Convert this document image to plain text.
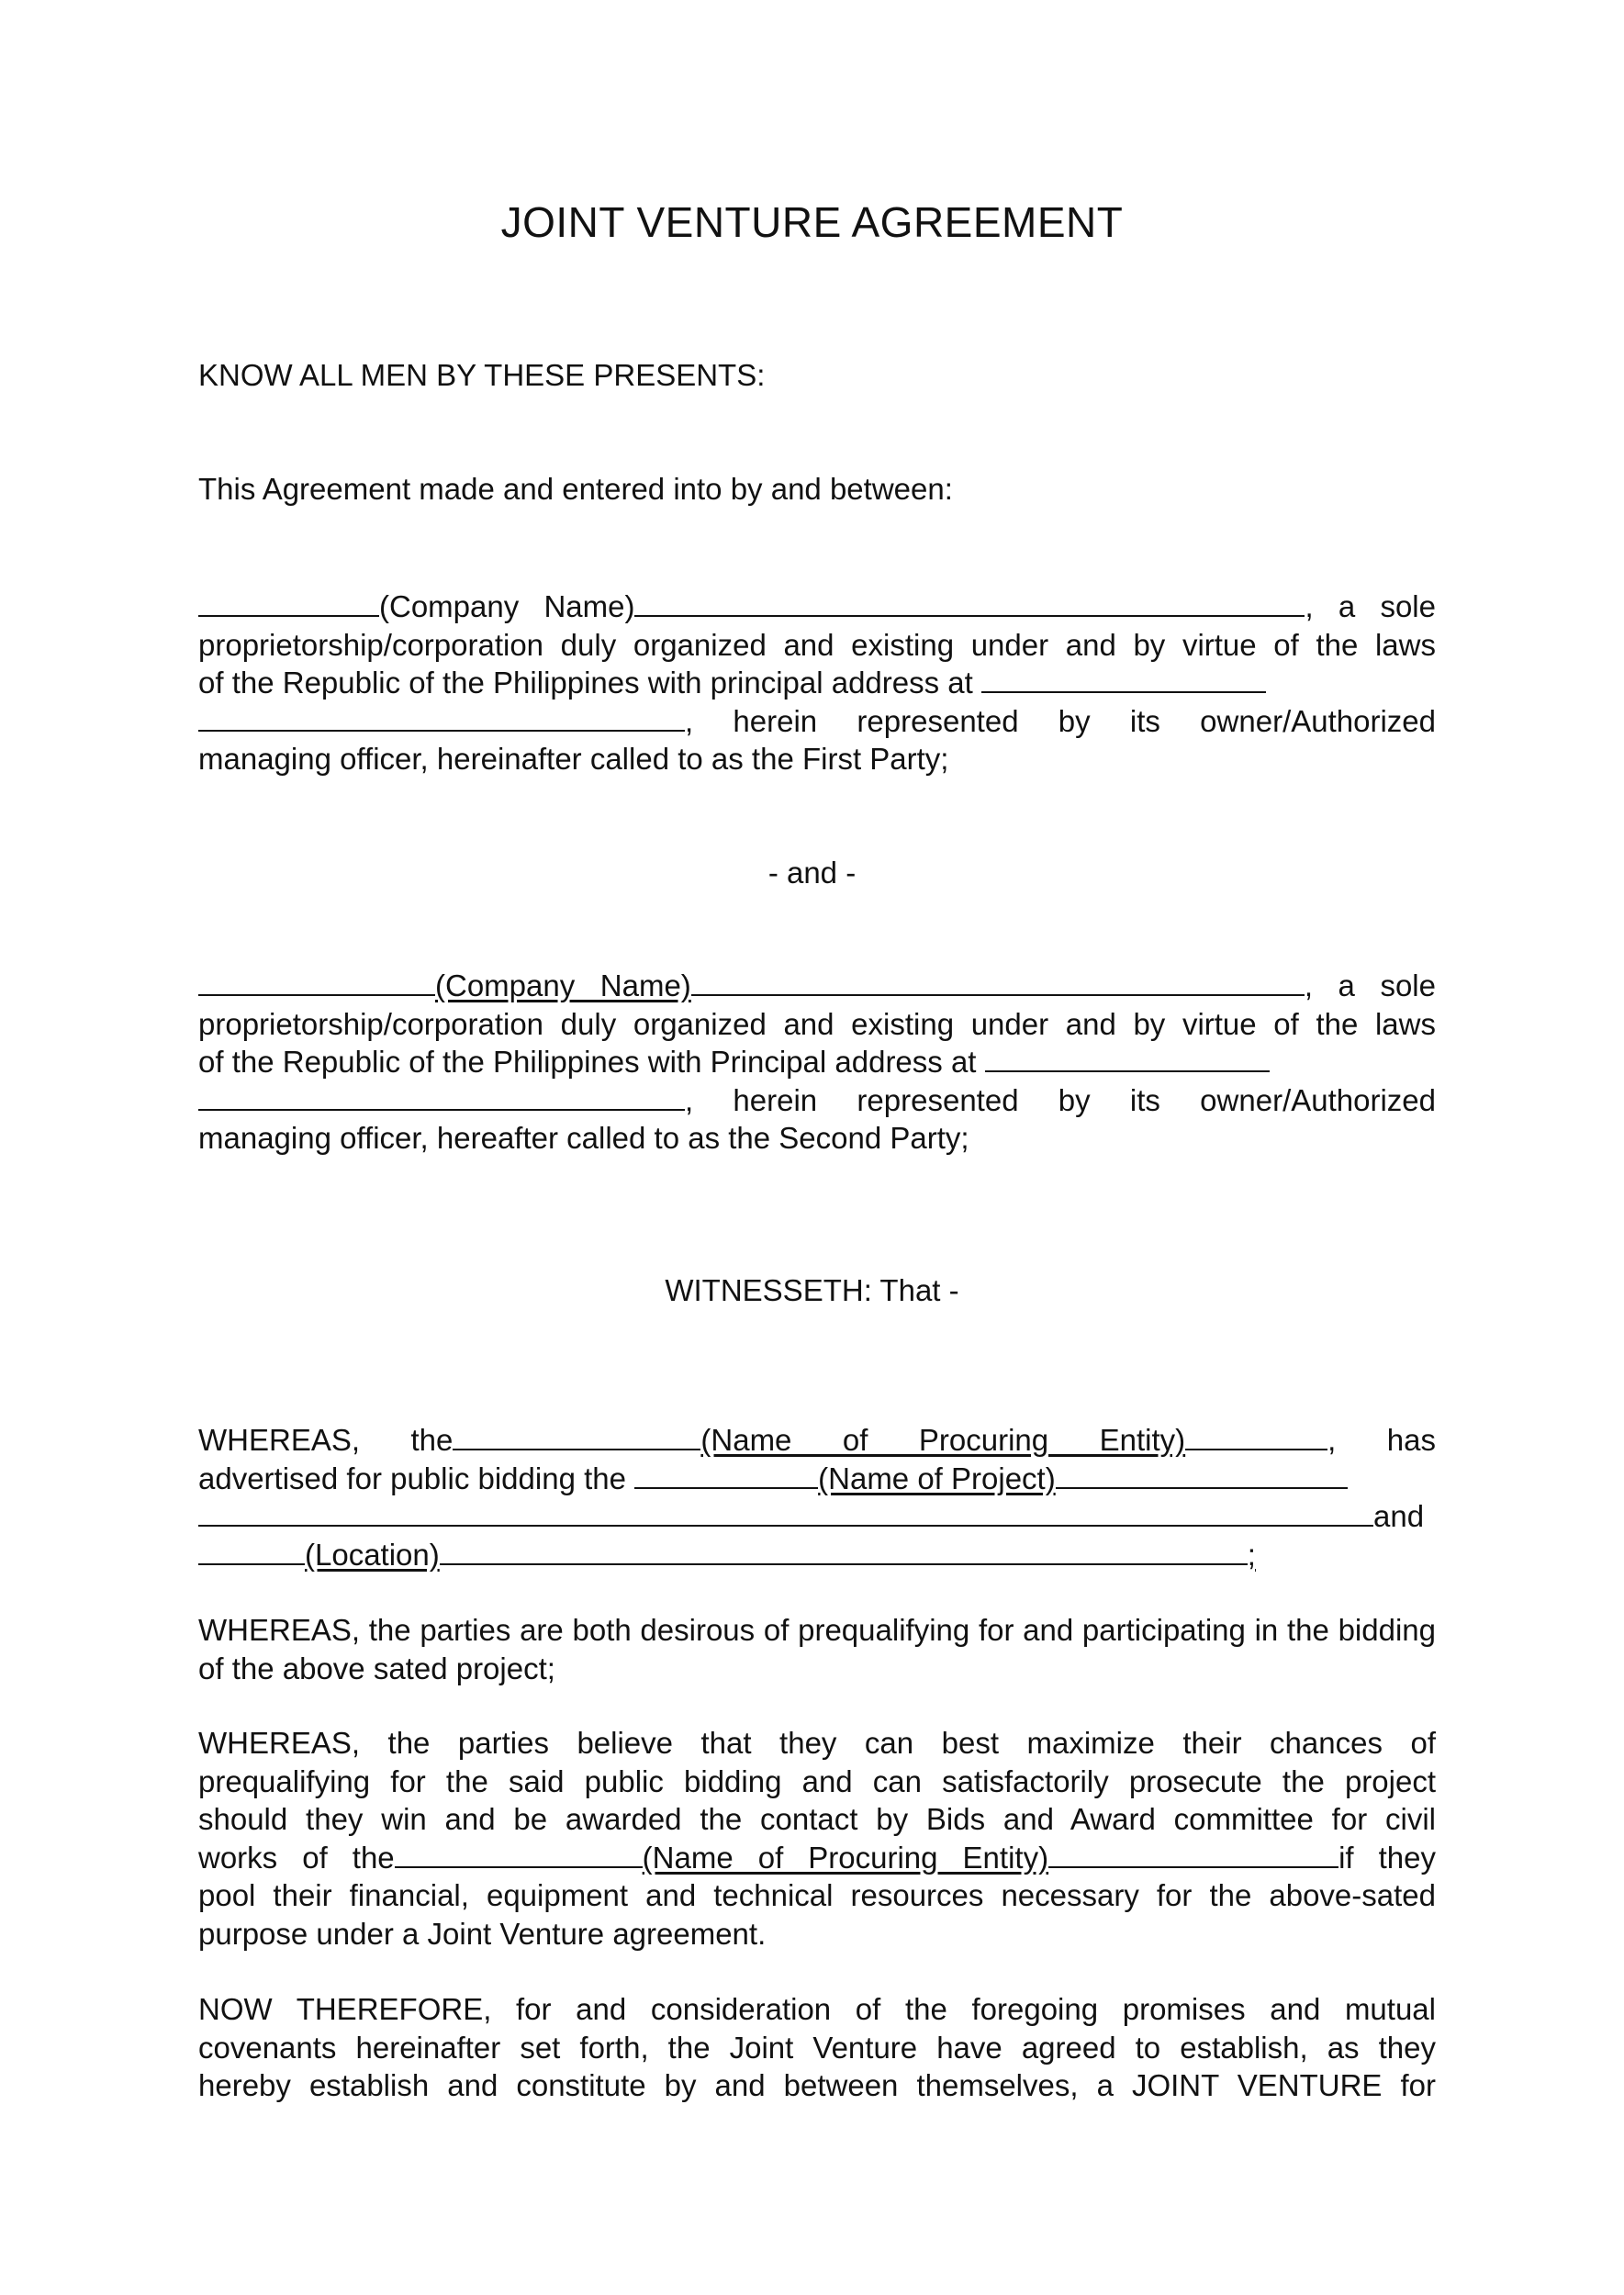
JOINT VENTURE AGREEMENT
KNOW ALL MEN BY THESE PRESENTS:
This Agreement made and entered into by and between:
(Company Name)	, a sole
proprietorship/corporation duly organized and existing under and by virtue of the laws
of the Republic of the Philippines with principal address at
, herein represented by its owner/Authorized
managing officer, hereinafter called to as the First Party;
- and -
(Company Name)	, a sole
proprietorship/corporation duly organized and existing under and by virtue of the laws
of the Republic of the Philippines with Principal address at
, herein represented by its owner/Authorized
managing officer, hereafter called to as the Second Party;
WITNESSETH: That -
WHEREAS, the	(Name of Procuring Entity)	, has
advertised for public bidding the	(Name of Project)
and
(Location)	;
WHEREAS, the parties are both desirous of prequalifying for and participating in the bidding of the above sated project;
WHEREAS, the parties believe that they can best maximize their chances of
prequalifying for the said public bidding and can satisfactorily prosecute the project
should they win and be awarded the contact by Bids and Award committee for civil
works of the	(Name of Procuring Entity)	if they
pool their financial, equipment and technical resources necessary for the above-sated
purpose under a Joint Venture agreement.
NOW THEREFORE, for and consideration of the foregoing promises and mutual
covenants hereinafter set forth, the Joint Venture have agreed to establish, as they
hereby establish and constitute by and between themselves, a JOINT VENTURE for
